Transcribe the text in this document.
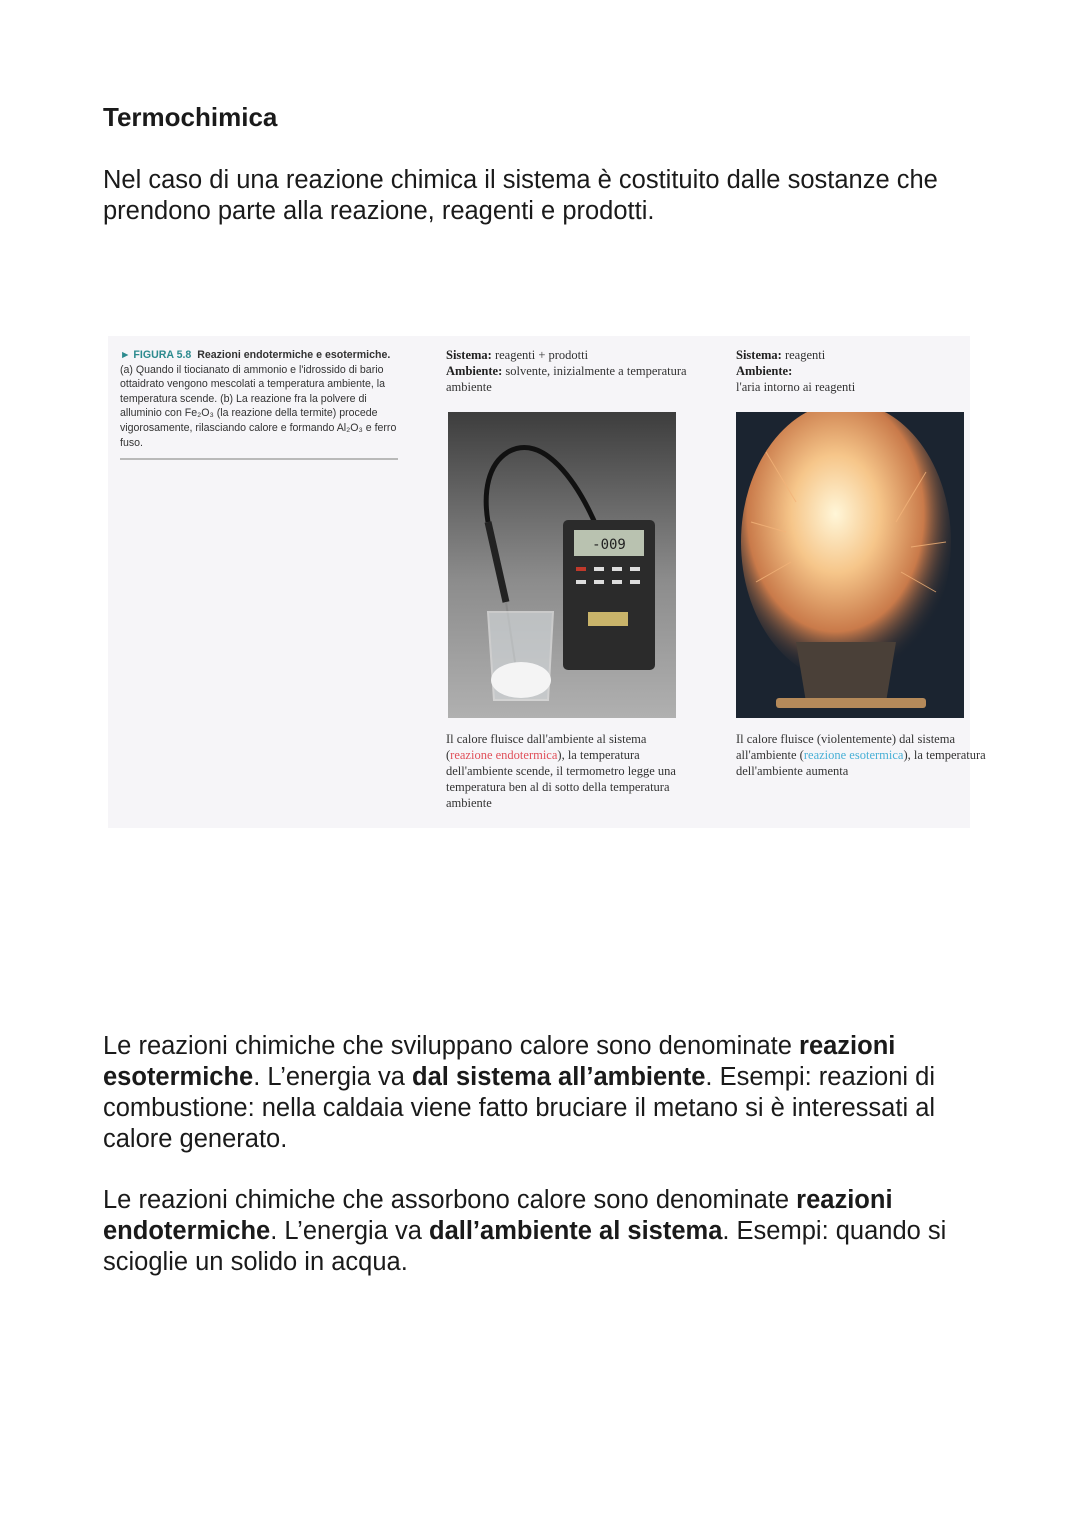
Termochimica

Nel caso di una reazione chimica il sistema è costituito dalle sostanze che prendono parte alla reazione, reagenti e prodotti.

► FIGURA 5.8 Reazioni endotermiche e esotermiche. (a) Quando il tiocianato di ammonio e l'idrossido di bario ottaidrato vengono mescolati a temperatura ambiente, la temperatura scende. (b) La reazione fra la polvere di alluminio con Fe₂O₃ (la reazione della termite) procede vigorosamente, rilasciando calore e formando Al₂O₃ e ferro fuso.
Sistema: reagenti + prodotti
Ambiente: solvente, inizialmente a temperatura ambiente
Sistema: reagenti
Ambiente:
l'aria intorno ai reagenti
-009
Il calore fluisce dall'ambiente al sistema (reazione endotermica), la temperatura dell'ambiente scende, il termometro legge una temperatura ben al di sotto della temperatura ambiente
Il calore fluisce (violentemente) dal sistema all'ambiente (reazione esotermica), la temperatura dell'ambiente aumenta

Le reazioni chimiche che sviluppano calore sono denominate reazioni esotermiche. L’energia va dal sistema all’ambiente. Esempi: reazioni di combustione: nella caldaia viene fatto bruciare il metano si è interessati al calore generato.

Le reazioni chimiche che assorbono calore sono denominate reazioni endotermiche. L’energia va dall’ambiente al sistema. Esempi: quando si scioglie un solido in acqua.
